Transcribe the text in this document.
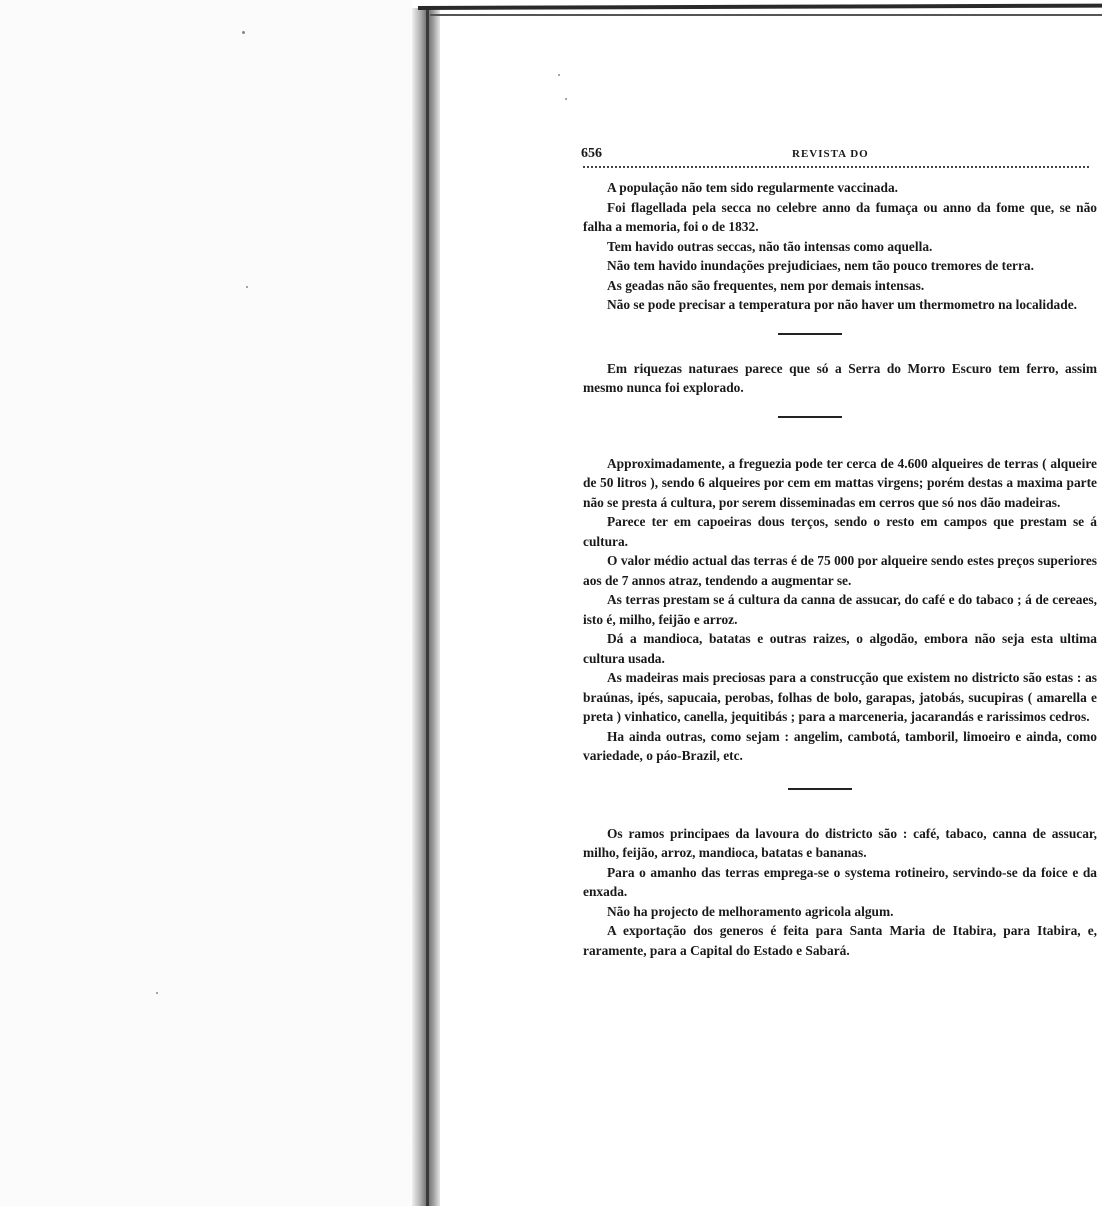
656	REVISTA DO

A população não tem sido regularmente vaccinada.

Foi flagellada pela secca no celebre anno da fumaça ou anno da fome que, se não falha a memoria, foi o de 1832.

Tem havido outras seccas, não tão intensas como aquella.

Não tem havido inundações prejudiciaes, nem tão pouco tremores de terra.

As geadas não são frequentes, nem por demais intensas.

Não se pode precisar a temperatura por não haver um thermometro na localidade.

Em riquezas naturaes parece que só a Serra do Morro Escuro tem ferro, assim mesmo nunca foi explorado.

Approximadamente, a freguezia pode ter cerca de 4.600 alqueires de terras ( alqueire de 50 litros ), sendo 6 alqueires por cem em mattas virgens; porém destas a maxima parte não se presta á cultura, por serem disseminadas em cerros que só nos dão madeiras.

Parece ter em capoeiras dous terços, sendo o resto em campos que prestam se á cultura.

O valor médio actual das terras é de 75 000 por alqueire sendo estes preços superiores aos de 7 annos atraz, tendendo a augmentar se.

As terras prestam se á cultura da canna de assucar, do café e do tabaco ; á de cereaes, isto é, milho, feijão e arroz.

Dá a mandioca, batatas e outras raizes, o algodão, embora não seja esta ultima cultura usada.

As madeiras mais preciosas para a construcção que existem no districto são estas : as braúnas, ipés, sapucaia, perobas, folhas de bolo, garapas, jatobás, sucupiras ( amarella e preta ) vinhatico, canella, jequitibás ; para a marceneria, jacarandás e rarissimos cedros.

Ha ainda outras, como sejam : angelim, cambotá, tamboril, limoeiro e ainda, como variedade, o páo-Brazil, etc.

Os ramos principaes da lavoura do districto são : café, tabaco, canna de assucar, milho, feijão, arroz, mandioca, batatas e bananas.

Para o amanho das terras emprega-se o systema rotineiro, servindo-se da foice e da enxada.

Não ha projecto de melhoramento agricola algum.

A exportação dos generos é feita para Santa Maria de Itabira, para Itabira, e, raramente, para a Capital do Estado e Sabará.
